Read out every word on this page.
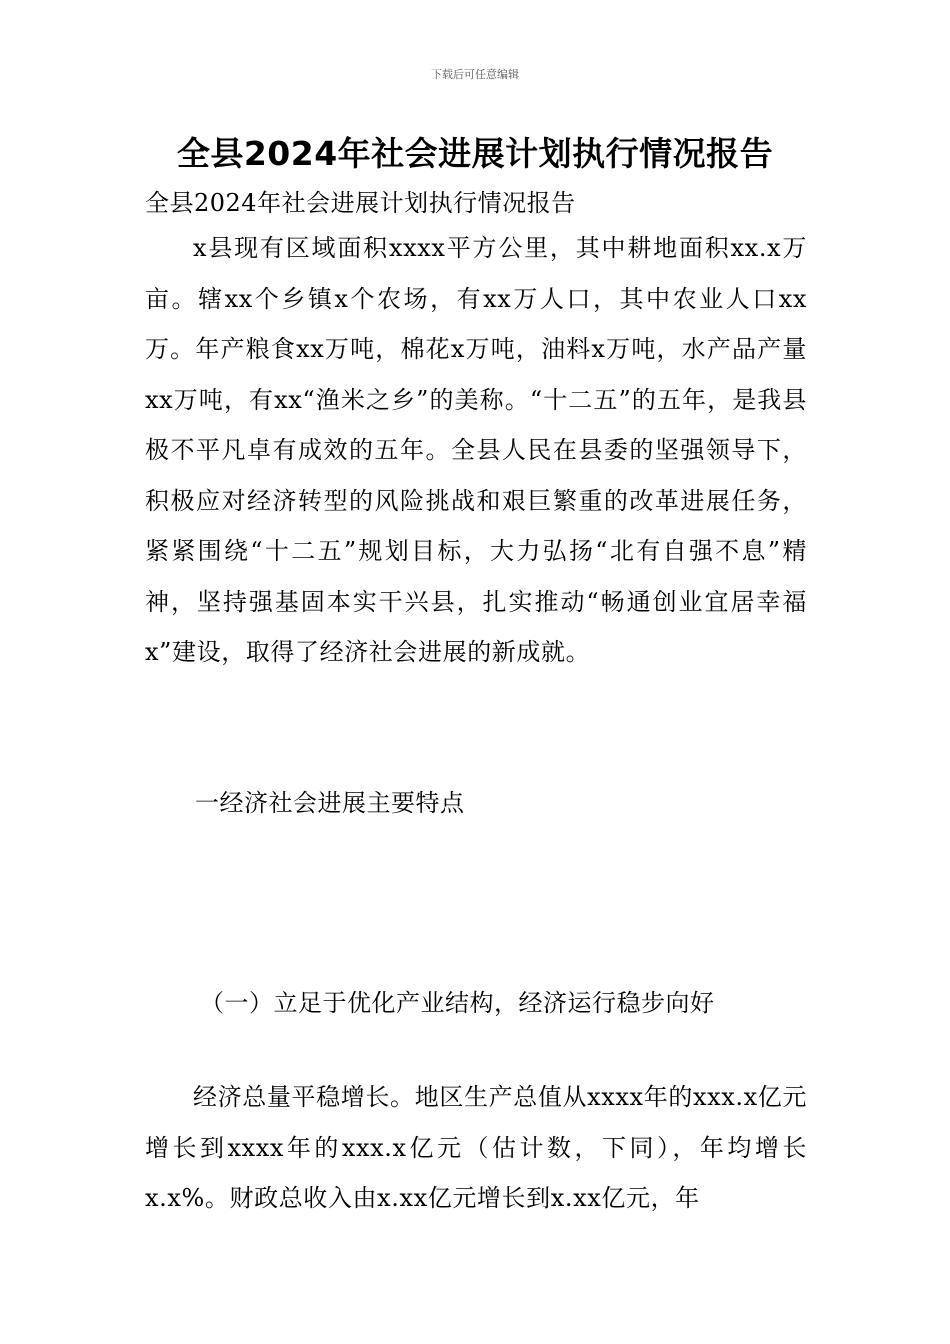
下载后可任意编辑
全县2024年社会进展计划执行情况报告
全县2024年社会进展计划执行情况报告

x县现有区域面积xxxx平方公里，其中耕地面积xx.x万亩。辖xx个乡镇x个农场，有xx万人口，其中农业人口xx万。年产粮食xx万吨，棉花x万吨，油料x万吨，水产品产量xx万吨，有xx“渔米之乡”的美称。“十二五”的五年，是我县极不平凡卓有成效的五年。全县人民在县委的坚强领导下，积极应对经济转型的风险挑战和艰巨繁重的改革进展任务，紧紧围绕“十二五”规划目标，大力弘扬“北有自强不息”精神，坚持强基固本实干兴县，扎实推动“畅通创业宜居幸福x”建设，取得了经济社会进展的新成就。

一经济社会进展主要特点
（一）立足于优化产业结构，经济运行稳步向好

经济总量平稳增长。地区生产总值从xxxx年的xxx.x亿元增长到xxxx年的xxx.x亿元（估计数，下同），年均增长x.x%。财政总收入由x.xx亿元增长到x.xx亿元，年
